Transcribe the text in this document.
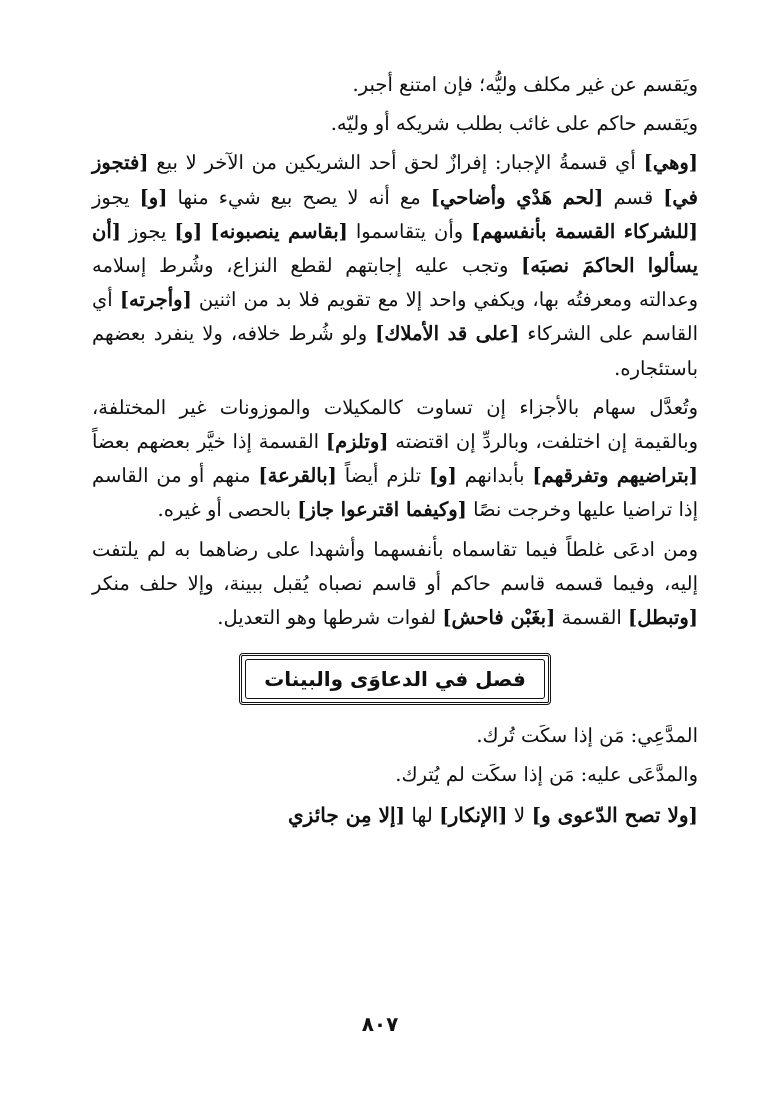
ويَقسم عن غير مكلف وليُّه؛ فإن امتنع أجبر.

ويَقسم حاكم على غائب بطلب شريكه أو وليّه.

[وهي] أي قسمةُ الإجبار: إفرازٌ لحق أحد الشريكين من الآخر لا بيع [فتجوز في] قسم [لحم هَدْي وأضاحي] مع أنه لا يصح بيع شيء منها [و] يجوز [للشركاء القسمة بأنفسهم] وأن يتقاسموا [بقاسم ينصبونه] [و] يجوز [أن يسألوا الحاكمَ نصبَه] وتجب عليه إجابتهم لقطع النزاع، وشُرط إسلامه وعدالته ومعرفتُه بها، ويكفي واحد إلا مع تقويم فلا بد من اثنين [وأجرته] أي القاسم على الشركاء [على قد الأملاك] ولو شُرط خلافه، ولا ينفرد بعضهم باستئجاره.

وتُعدَّل سهام بالأجزاء إن تساوت كالمكيلات والموزونات غير المختلفة، وبالقيمة إن اختلفت، وبالردِّ إن اقتضته [وتلزم] القسمة إذا خيَّر بعضهم بعضاً [بتراضيهم وتفرقهم] بأبدانهم [و] تلزم أيضاً [بالقرعة] منهم أو من القاسم إذا تراضيا عليها وخرجت نصًا [وكيفما اقترعوا جاز] بالحصى أو غيره.

ومن ادعَى غلطاً فيما تقاسماه بأنفسهما وأشهدا على رضاهما به لم يلتفت إليه، وفيما قسمه قاسم حاكم أو قاسم نصباه يُقبل ببينة، وإلا حلف منكر [وتبطل] القسمة [بغَبْن فاحش] لفوات شرطها وهو التعديل.

فصل في الدعاوَى والبينات

المدَّعِي: مَن إذا سكَت تُرك.

والمدَّعَى عليه: مَن إذا سكَت لم يُترك.

[ولا تصح الدّعوى و] لا [الإنكار] لها [إلا مِن جائزي

٨٠٧
